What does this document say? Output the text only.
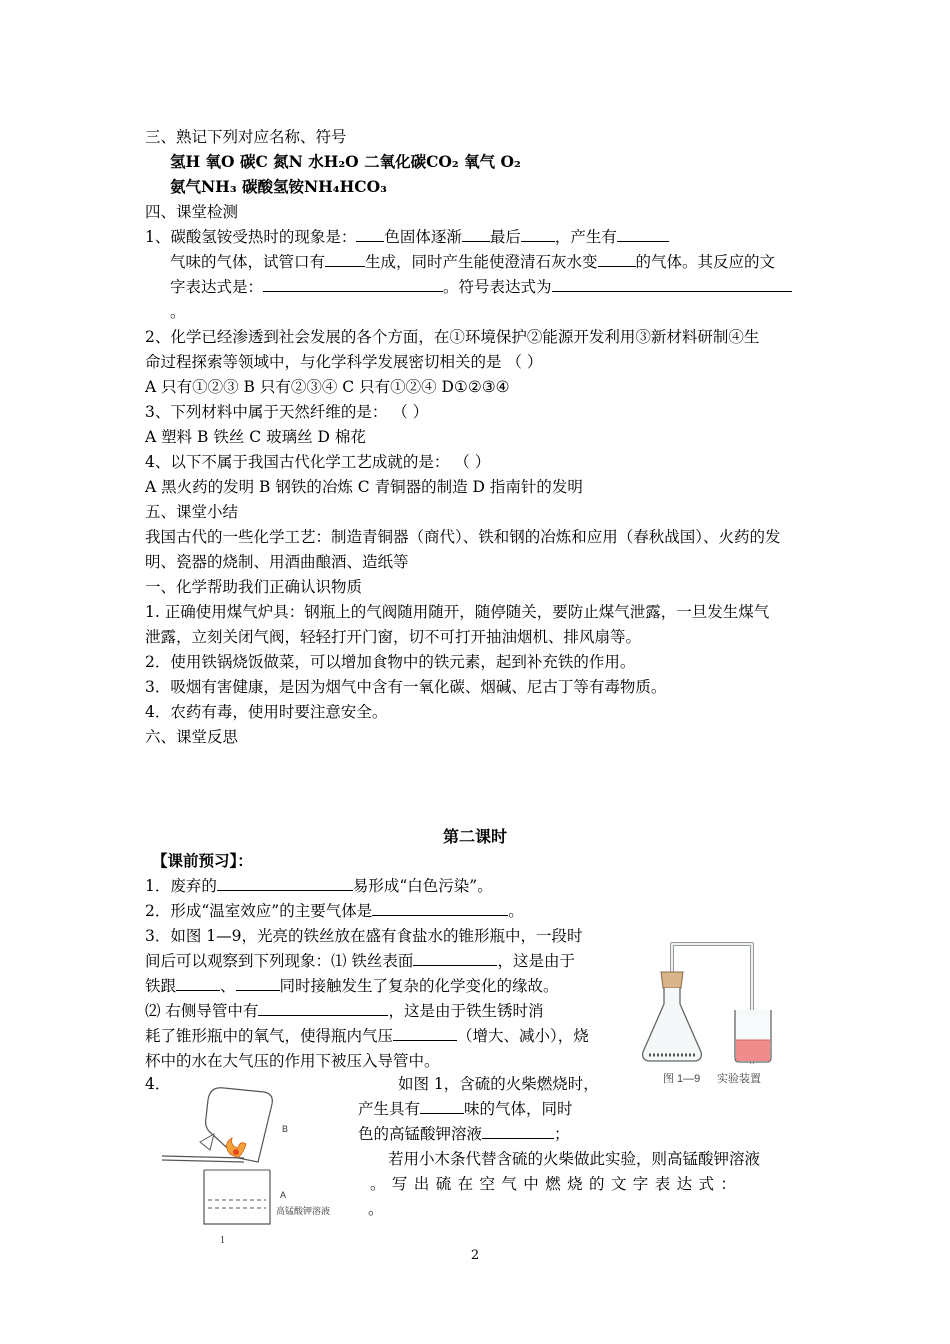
三、熟记下列对应名称、符号
氢H 氧O 碳C 氮N 水H₂O 二氧化碳CO₂ 氧气 O₂
氨气NH₃ 碳酸氢铵NH₄HCO₃
四、课堂检测
1、碳酸氢铵受热时的现象是： 色固体逐渐 最后 ，产生有
气味的气体，试管口有	生成，同时产生能使澄清石灰水变 的气体。其反应的文
字表达式是：	。符号表达式为
。
2、化学已经渗透到社会发展的各个方面，在①环境保护②能源开发利用③新材料研制④生
命过程探索等领域中，与化学科学发展密切相关的是 （ ）
A 只有①②③ B 只有②③④ C 只有①②④ D①②③④
3、下列材料中属于天然纤维的是： （ ）
A 塑料 B 铁丝 C 玻璃丝 D 棉花
4、以下不属于我国古代化学工艺成就的是： （ ）
A 黑火药的发明 B 钢铁的冶炼 C 青铜器的制造 D 指南针的发明
五、课堂小结
我国古代的一些化学工艺：制造青铜器（商代）、铁和钢的冶炼和应用（春秋战国）、火药的发
明、瓷器的烧制、用酒曲酿酒、造纸等
一、化学帮助我们正确认识物质
1. 正确使用煤气炉具：钢瓶上的气阀随用随开，随停随关，要防止煤气泄露，一旦发生煤气
泄露，立刻关闭气阀，轻轻打开门窗，切不可打开抽油烟机、排风扇等。
2．使用铁锅烧饭做菜，可以增加食物中的铁元素，起到补充铁的作用。
3．吸烟有害健康，是因为烟气中含有一氧化碳、烟碱、尼古丁等有毒物质。
4．农药有毒，使用时要注意安全。
六、课堂反思
第二课时
【课前预习】：
1．废弃的	易形成“白色污染”。
2．形成“温室效应”的主要气体是	。
3．如图 1—9，光亮的铁丝放在盛有食盐水的锥形瓶中，一段时
间后可以观察到下列现象：⑴ 铁丝表面	，这是由于
铁跟	、	同时接触发生了复杂的化学变化的缘故。
⑵ 右侧导管中有	，这是由于铁生锈时消
耗了锥形瓶中的氧气，使得瓶内气压	（增大、减小），烧
杯中的水在大气压的作用下被压入导管中。
4．	如图 1，含硫的火柴燃烧时，
产生具有	味的气体，同时
色的高锰酸钾溶液	；
若用小木条代替含硫的火柴做此实验，则高锰酸钾溶液
。写出硫在空气中燃烧的文字表达式：
。
图 1—9 实验装置
B
A
高锰酸钾溶液
1
2
